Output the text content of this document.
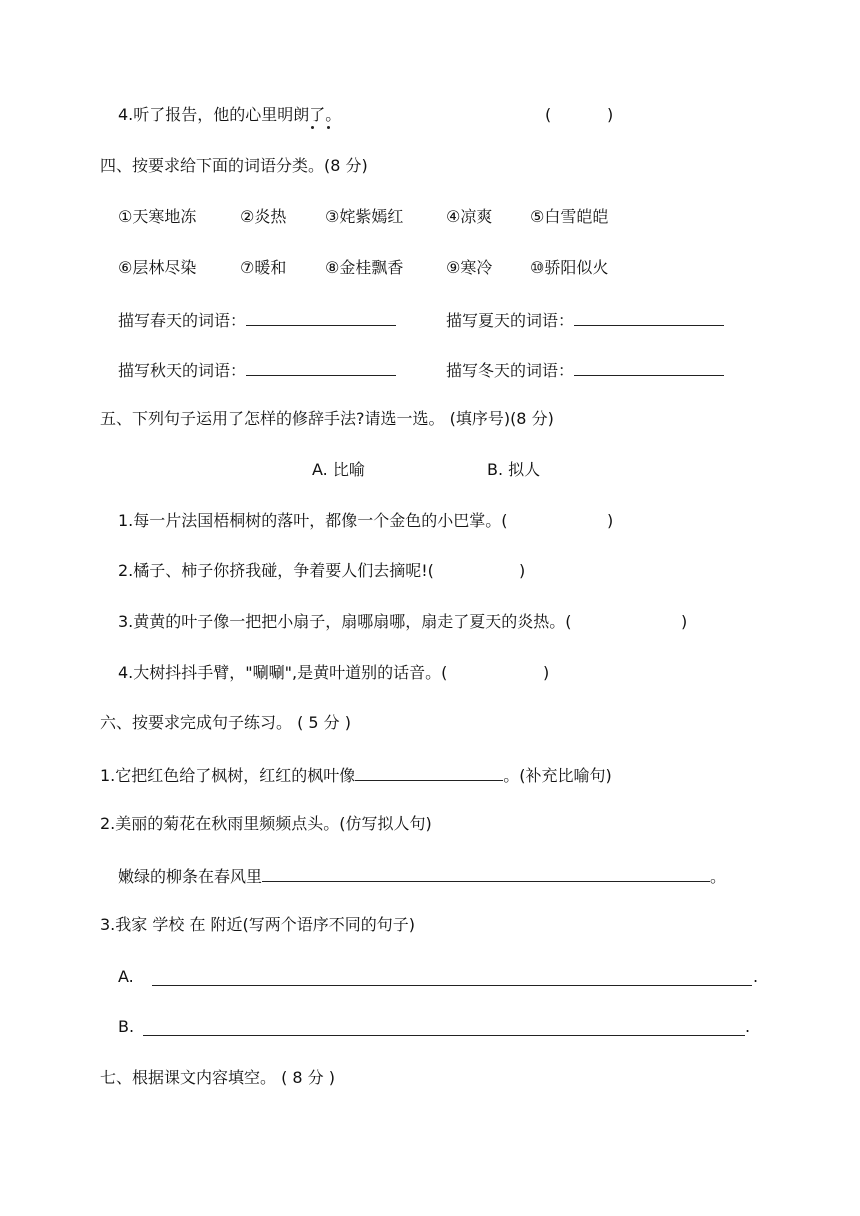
4.听了报告，他的心里明朗了。	(	)
四、按要求给下面的词语分类。(8 分)
①天寒地冻	②炎热 ③姹紫嫣红	④凉爽 ⑤白雪皑皑
⑥层林尽染	⑦暖和 ⑧金桂飘香	⑨寒冷 ⑩骄阳似火
描写春天的词语：	描写夏天的词语：
描写秋天的词语：	描写冬天的词语：
五、下列句子运用了怎样的修辞手法?请选一选。 (填序号)(8 分)
A. 比喻	B. 拟人
1.每一片法国梧桐树的落叶，都像一个金色的小巴掌。(	)
2.橘子、柿子你挤我碰，争着要人们去摘呢!(	)
3.黄黄的叶子像一把把小扇子，扇哪扇哪，扇走了夏天的炎热。(	)
4.大树抖抖手臂，"唰唰",是黄叶道别的话音。(	)
六、按要求完成句子练习。 ( 5 分 )
1.它把红色给了枫树，红红的枫叶像	。(补充比喻句)
2.美丽的菊花在秋雨里频频点头。(仿写拟人句)
嫩绿的柳条在春风里	。
3.我家 学校 在 附近(写两个语序不同的句子)
A.	.
B.	.
七、根据课文内容填空。 ( 8 分 )
